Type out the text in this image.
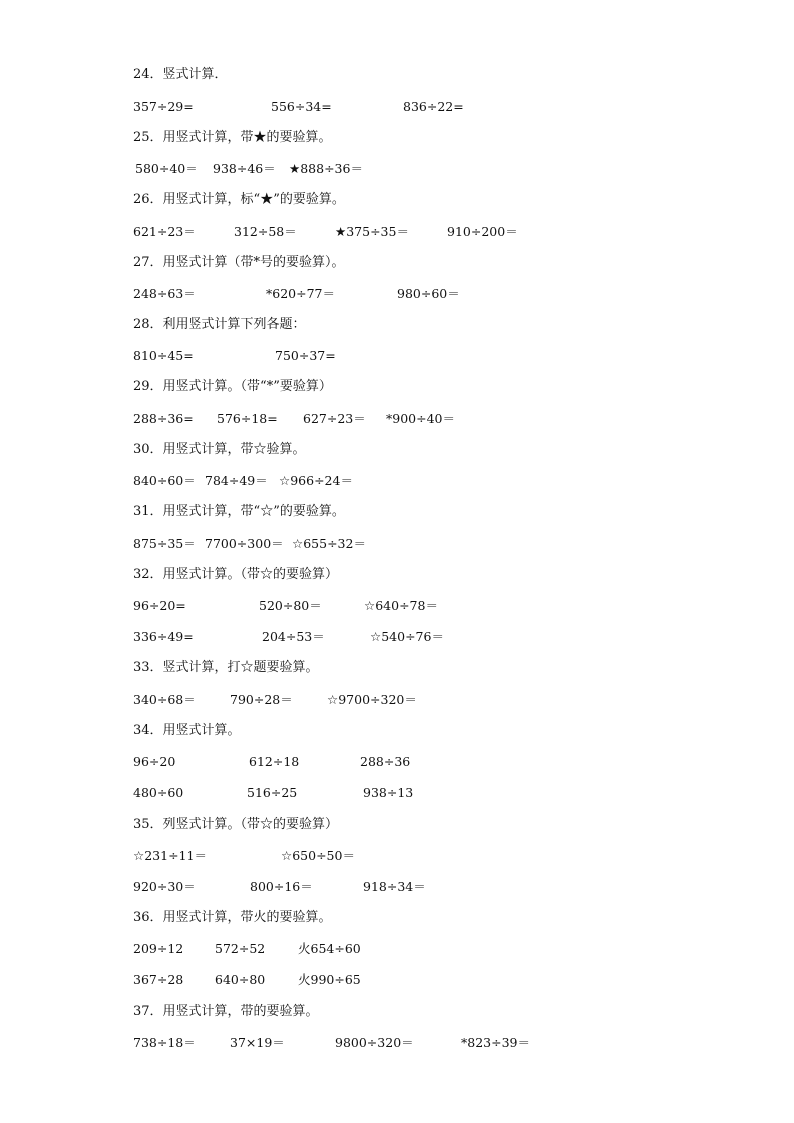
24．竖式计算．
357÷29=	556÷34=	836÷22=
25．用竖式计算，带★的要验算。
580÷40＝ 938÷46＝ ★888÷36＝
26．用竖式计算，标“★”的要验算。
621÷23＝	312÷58＝	★375÷35＝	910÷200＝
27．用竖式计算（带*号的要验算）。
248÷63＝	*620÷77＝	980÷60＝
28．利用竖式计算下列各题：
810÷45=	750÷37=
29．用竖式计算。（带“*”要验算）
288÷36= 576÷18= 627÷23＝ *900÷40＝
30．用竖式计算，带☆验算。
840÷60＝ 784÷49＝ ☆966÷24＝
31．用竖式计算，带“☆”的要验算。
875÷35＝ 7700÷300＝ ☆655÷32＝
32．用竖式计算。（带☆的要验算）
96÷20=	520÷80＝	☆640÷78＝
336÷49=	204÷53＝	☆540÷76＝
33．竖式计算，打☆题要验算。
340÷68＝	790÷28＝	☆9700÷320＝
34．用竖式计算。
96÷20	612÷18	288÷36
480÷60	516÷25	938÷13
35．列竖式计算。（带☆的要验算）
☆231÷11＝	☆650÷50＝
920÷30＝	800÷16＝	918÷34＝
36．用竖式计算，带火的要验算。
209÷12	572÷52	火654÷60
367÷28	640÷80	火990÷65
37．用竖式计算，带的要验算。
738÷18＝	37×19＝	9800÷320＝	*823÷39＝
